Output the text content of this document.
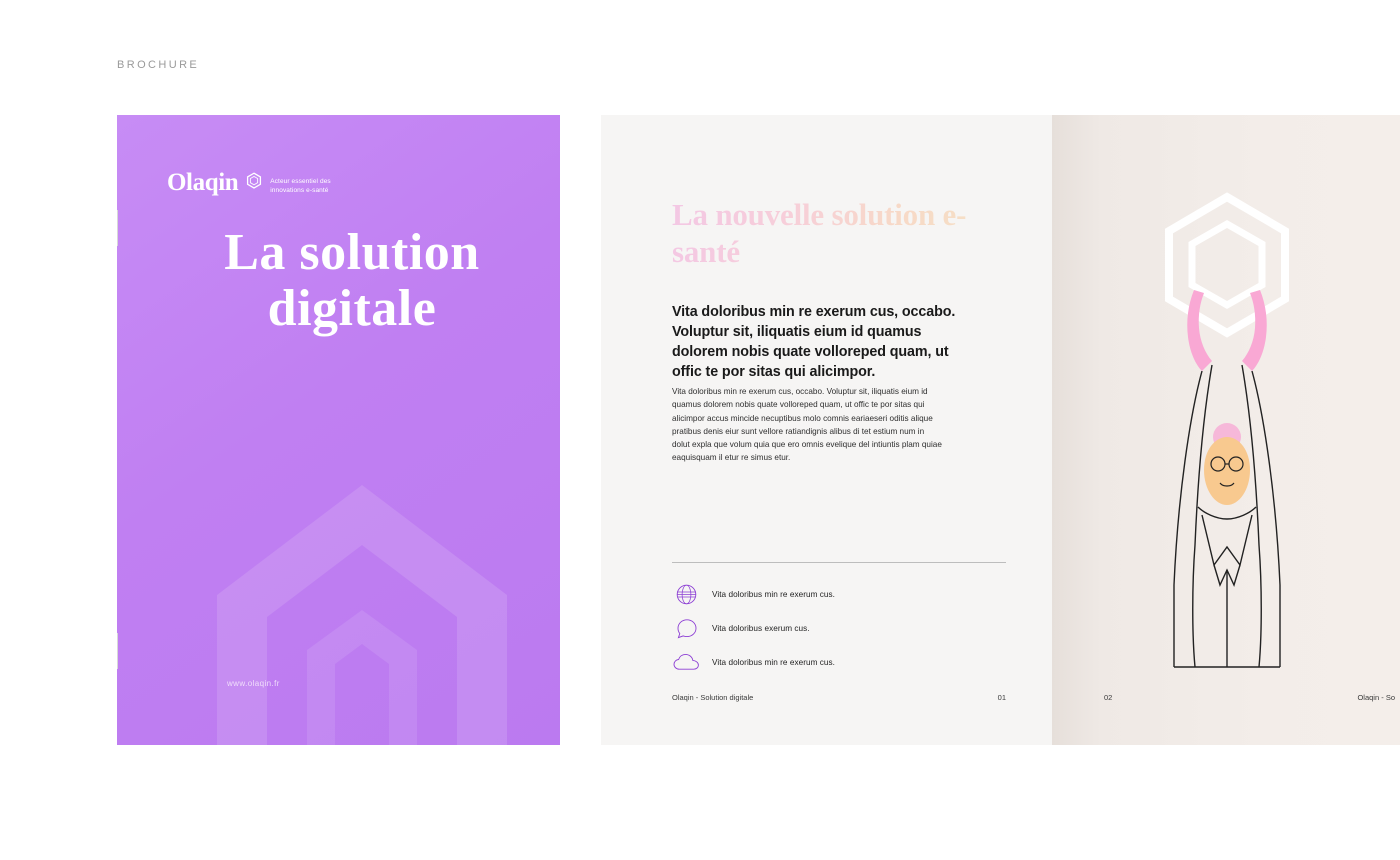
BROCHURE
Olaqin	Acteur essentiel des innovations e-santé
La solution digitale
www.olaqin.fr
La nouvelle solution e-santé
Vita doloribus min re exerum cus, occabo. Voluptur sit, iliquatis eium id quamus dolorem nobis quate volloreped quam, ut offic te por sitas qui alicimpor.
Vita doloribus min re exerum cus, occabo. Voluptur sit, iliquatis eium id quamus dolorem nobis quate volloreped quam, ut offic te por sitas qui alicimpor accus mincide necuptibus molo comnis eariaeseri oditis alique pratibus denis eiur sunt vellore ratiandignis alibus di tet estium num in dolut expla que volum quia que ero omnis evelique del intiuntis plam quiae eaquisquam il etur re simus etur.
Vita doloribus min re exerum cus.
Vita doloribus exerum cus.
Vita doloribus min re exerum cus.
Olaqin - Solution digitale	01	02	Olaqin - So
